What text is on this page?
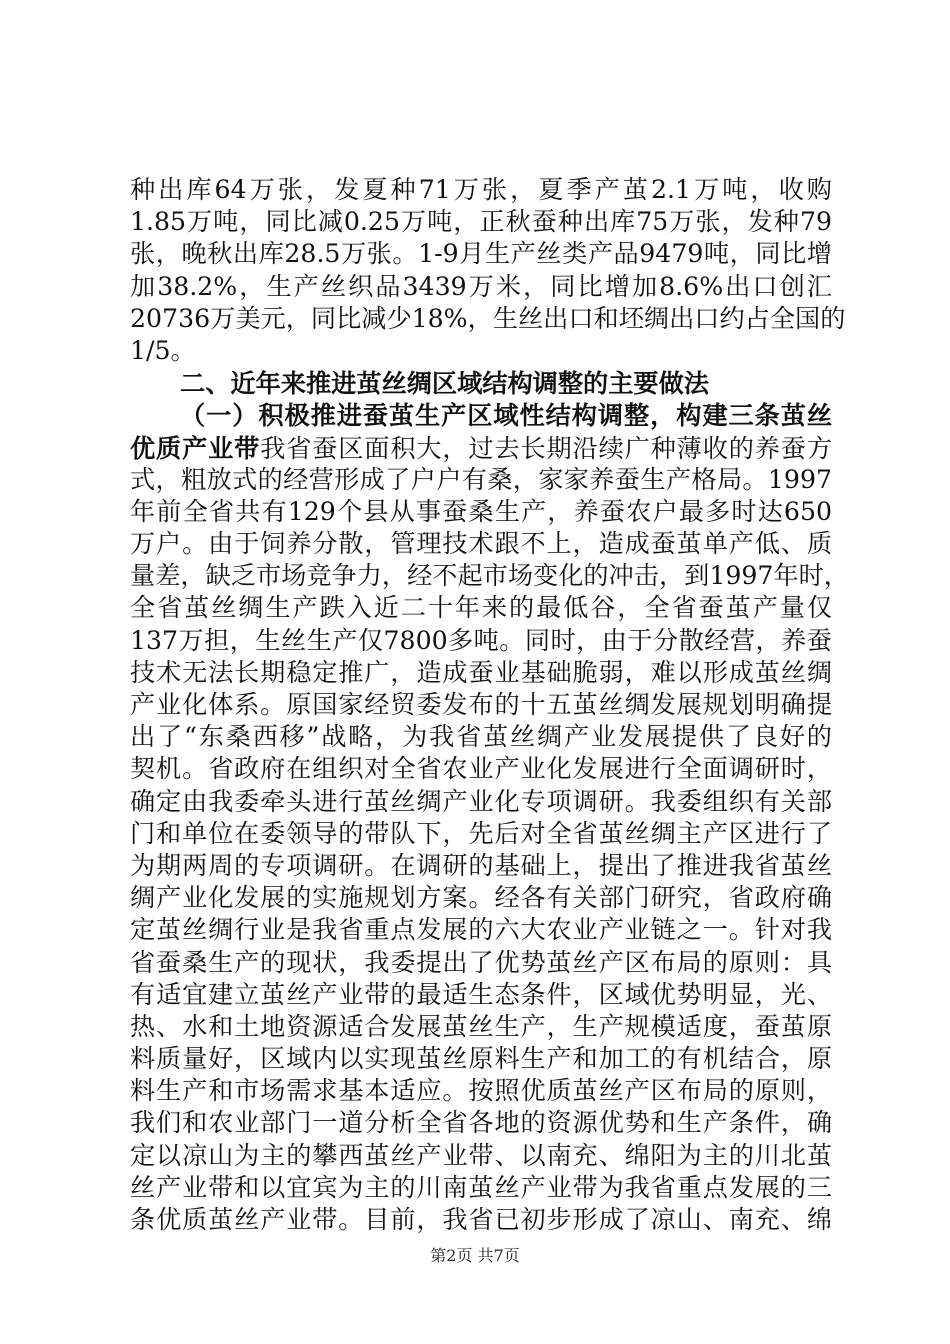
种出库64万张，发夏种71万张，夏季产茧2.1万吨，收购
1.85万吨，同比减0.25万吨，正秋蚕种出库75万张，发种79
张，晚秋出库28.5万张。1-9月生产丝类产品9479吨，同比增
加38.2%，生产丝织品3439万米，同比增加8.6%出口创汇
20736万美元，同比减少18%，生丝出口和坯绸出口约占全国的
1/5。
二、近年来推进茧丝绸区域结构调整的主要做法
（一）积极推进蚕茧生产区域性结构调整，构建三条茧丝
优质产业带我省蚕区面积大，过去长期沿续广种薄收的养蚕方
式，粗放式的经营形成了户户有桑，家家养蚕生产格局。1997
年前全省共有129个县从事蚕桑生产，养蚕农户最多时达650
万户。由于饲养分散，管理技术跟不上，造成蚕茧单产低、质
量差，缺乏市场竞争力，经不起市场变化的冲击，到1997年时，
全省茧丝绸生产跌入近二十年来的最低谷，全省蚕茧产量仅
137万担，生丝生产仅7800多吨。同时，由于分散经营，养蚕
技术无法长期稳定推广，造成蚕业基础脆弱，难以形成茧丝绸
产业化体系。原国家经贸委发布的十五茧丝绸发展规划明确提
出了“东桑西移”战略，为我省茧丝绸产业发展提供了良好的
契机。省政府在组织对全省农业产业化发展进行全面调研时，
确定由我委牵头进行茧丝绸产业化专项调研。我委组织有关部
门和单位在委领导的带队下，先后对全省茧丝绸主产区进行了
为期两周的专项调研。在调研的基础上，提出了推进我省茧丝
绸产业化发展的实施规划方案。经各有关部门研究，省政府确
定茧丝绸行业是我省重点发展的六大农业产业链之一。针对我
省蚕桑生产的现状，我委提出了优势茧丝产区布局的原则：具
有适宜建立茧丝产业带的最适生态条件，区域优势明显，光、
热、水和土地资源适合发展茧丝生产，生产规模适度，蚕茧原
料质量好，区域内以实现茧丝原料生产和加工的有机结合，原
料生产和市场需求基本适应。按照优质茧丝产区布局的原则，
我们和农业部门一道分析全省各地的资源优势和生产条件，确
定以凉山为主的攀西茧丝产业带、以南充、绵阳为主的川北茧
丝产业带和以宜宾为主的川南茧丝产业带为我省重点发展的三
条优质茧丝产业带。目前，我省已初步形成了凉山、南充、绵
第2页 共7页
